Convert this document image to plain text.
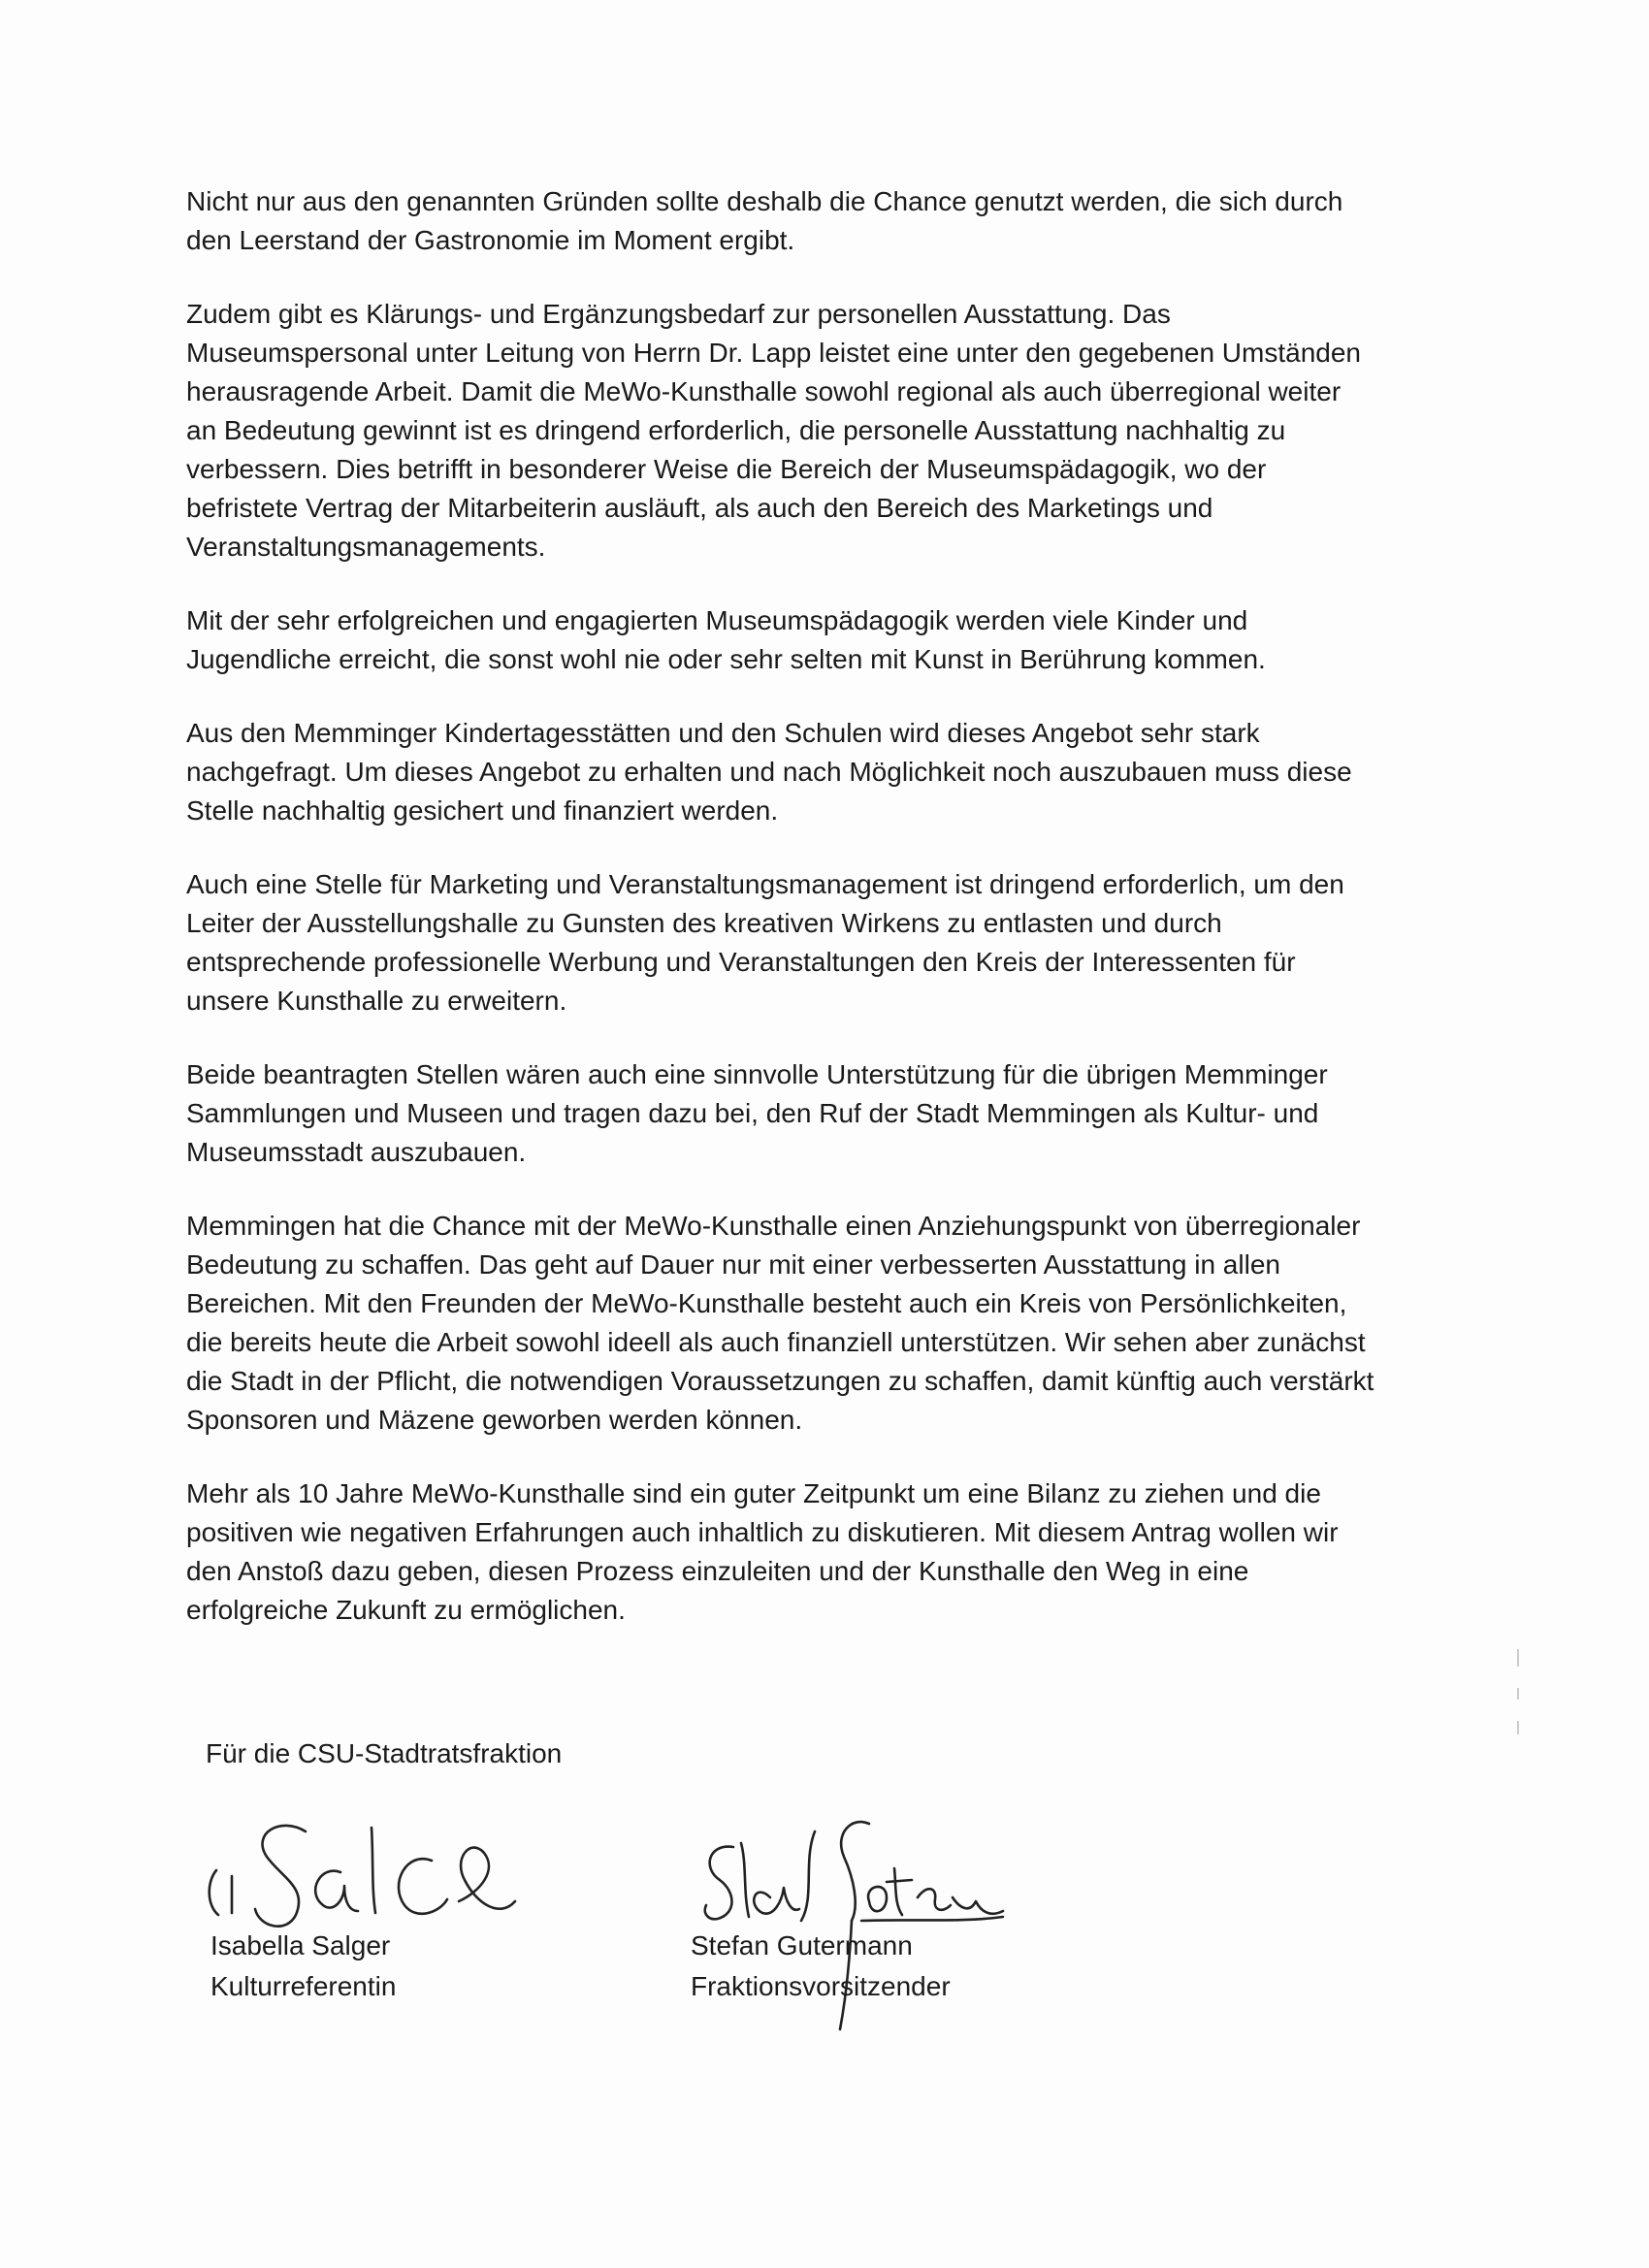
Nicht nur aus den genannten Gründen sollte deshalb die Chance genutzt werden, die sich durch den Leerstand der Gastronomie im Moment ergibt.

Zudem gibt es Klärungs- und Ergänzungsbedarf zur personellen Ausstattung. Das Museumspersonal unter Leitung von Herrn Dr. Lapp leistet eine unter den gegebenen Umständen herausragende Arbeit. Damit die MeWo-Kunsthalle sowohl regional als auch überregional weiter an Bedeutung gewinnt ist es dringend erforderlich, die personelle Ausstattung nachhaltig zu verbessern. Dies betrifft in besonderer Weise die Bereich der Museumspädagogik, wo der befristete Vertrag der Mitarbeiterin ausläuft, als auch den Bereich des Marketings und Veranstaltungsmanagements.

Mit der sehr erfolgreichen und engagierten Museumspädagogik werden viele Kinder und Jugendliche erreicht, die sonst wohl nie oder sehr selten mit Kunst in Berührung kommen.

Aus den Memminger Kindertagesstätten und den Schulen wird dieses Angebot sehr stark nachgefragt. Um dieses Angebot zu erhalten und nach Möglichkeit noch auszubauen muss diese Stelle nachhaltig gesichert und finanziert werden.

Auch eine Stelle für Marketing und Veranstaltungsmanagement ist dringend erforderlich, um den Leiter der Ausstellungshalle zu Gunsten des kreativen Wirkens zu entlasten und durch entsprechende professionelle Werbung und Veranstaltungen den Kreis der Interessenten für unsere Kunsthalle zu erweitern.

Beide beantragten Stellen wären auch eine sinnvolle Unterstützung für die übrigen Memminger Sammlungen und Museen und tragen dazu bei, den Ruf der Stadt Memmingen als Kultur- und Museumsstadt auszubauen.

Memmingen hat die Chance mit der MeWo-Kunsthalle einen Anziehungspunkt von überregionaler Bedeutung zu schaffen. Das geht auf Dauer nur mit einer verbesserten Ausstattung in allen Bereichen. Mit den Freunden der MeWo-Kunsthalle besteht auch ein Kreis von Persönlichkeiten, die bereits heute die Arbeit sowohl ideell als auch finanziell unterstützen. Wir sehen aber zunächst die Stadt in der Pflicht, die notwendigen Voraussetzungen zu schaffen, damit künftig auch verstärkt Sponsoren und Mäzene geworben werden können.

Mehr als 10 Jahre MeWo-Kunsthalle sind ein guter Zeitpunkt um eine Bilanz zu ziehen und die positiven wie negativen Erfahrungen auch inhaltlich zu diskutieren. Mit diesem Antrag wollen wir den Anstoß dazu geben, diesen Prozess einzuleiten und der Kunsthalle den Weg in eine erfolgreiche Zukunft zu ermöglichen.

Für die CSU-Stadtratsfraktion

Isabella Salger

Kulturreferentin

Stefan Gutermann

Fraktionsvorsitzender
